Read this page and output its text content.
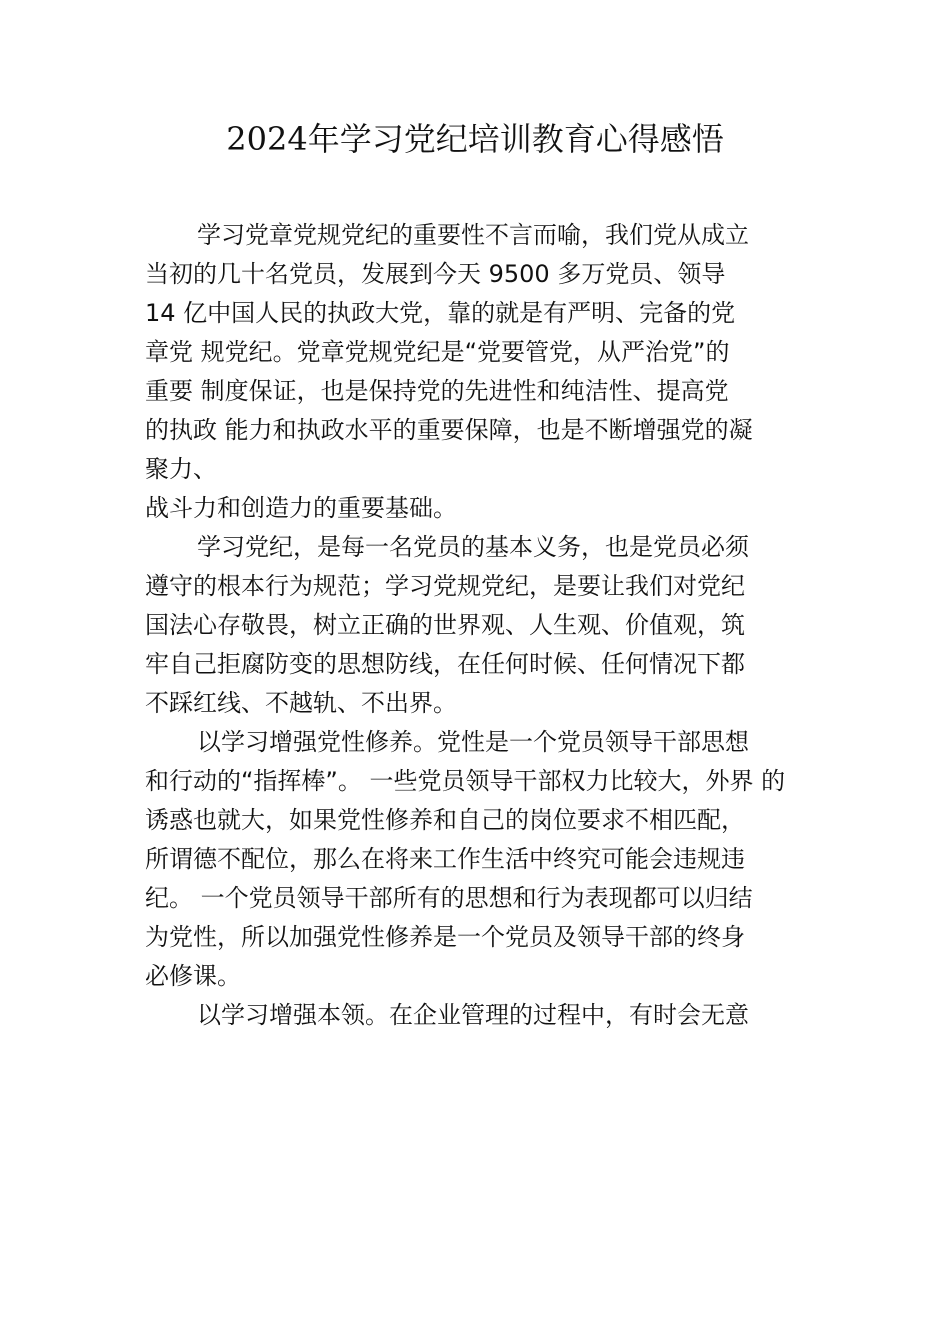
2024年学习党纪培训教育心得感悟
学习党章党规党纪的重要性不言而喻，我们党从成立
当初的几十名党员，发展到今天 9500 多万党员、领导
14 亿中国人民的执政大党，靠的就是有严明、完备的党
章党 规党纪。党章党规党纪是“党要管党，从严治党”的
重要 制度保证，也是保持党的先进性和纯洁性、提高党
的执政 能力和执政水平的重要保障，也是不断增强党的凝
聚力、
战斗力和创造力的重要基础。
学习党纪，是每一名党员的基本义务，也是党员必须
遵守的根本行为规范；学习党规党纪，是要让我们对党纪
国法心存敬畏，树立正确的世界观、人生观、价值观，筑
牢自己拒腐防变的思想防线，在任何时候、任何情况下都
不踩红线、不越轨、不出界。
以学习增强党性修养。党性是一个党员领导干部思想
和行动的“指挥棒”。 一些党员领导干部权力比较大，外界 的
诱惑也就大，如果党性修养和自己的岗位要求不相匹配，
所谓德不配位，那么在将来工作生活中终究可能会违规违
纪。 一个党员领导干部所有的思想和行为表现都可以归结
为党性，所以加强党性修养是一个党员及领导干部的终身
必修课。
以学习增强本领。在企业管理的过程中，有时会无意
